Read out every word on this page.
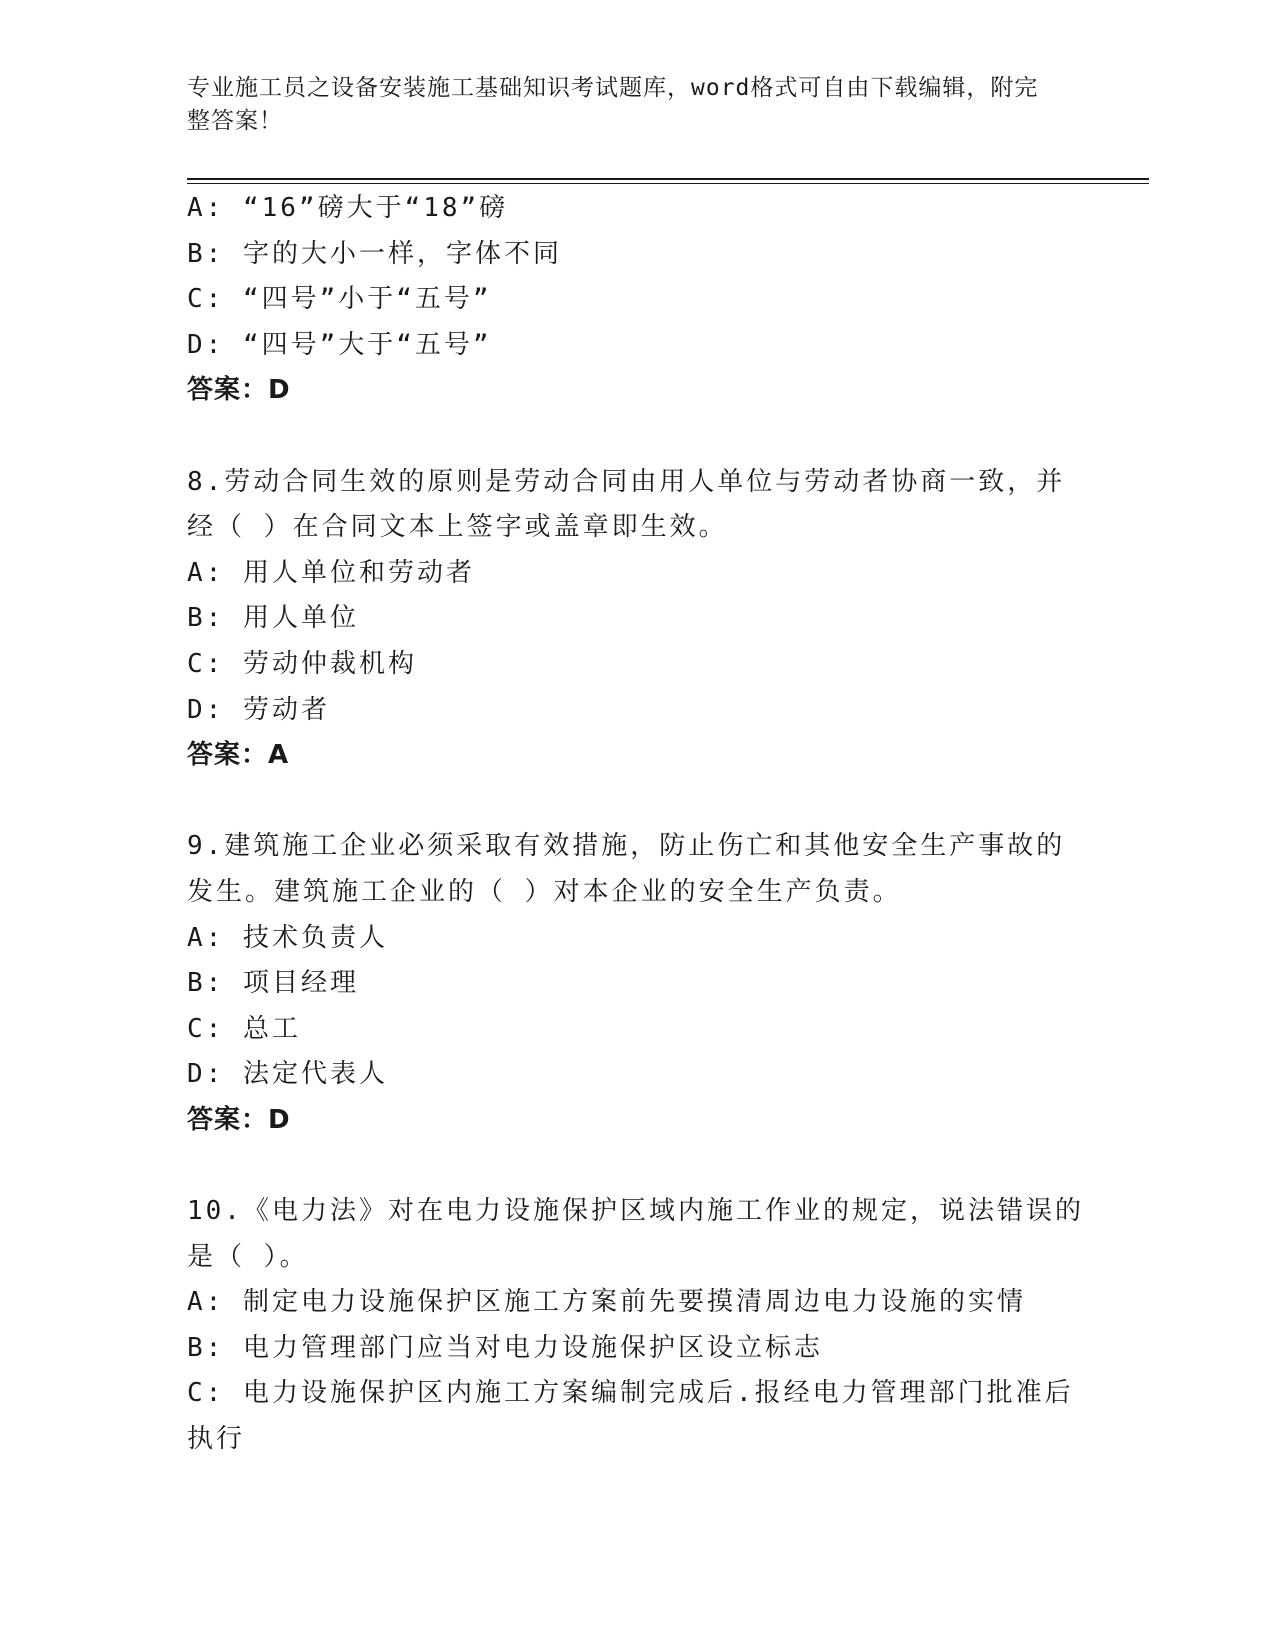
专业施工员之设备安装施工基础知识考试题库，word格式可自由下载编辑，附完
整答案！
A: “16”磅大于“18”磅
B: 字的大小一样，字体不同
C: “四号”小于“五号”
D: “四号”大于“五号”
答案：D
8.劳动合同生效的原则是劳动合同由用人单位与劳动者协商一致，并
经（ ）在合同文本上签字或盖章即生效。
A: 用人单位和劳动者
B: 用人单位
C: 劳动仲裁机构
D: 劳动者
答案：A
9.建筑施工企业必须采取有效措施，防止伤亡和其他安全生产事故的
发生。建筑施工企业的（ ）对本企业的安全生产负责。
A: 技术负责人
B: 项目经理
C: 总工
D: 法定代表人
答案：D
10.《电力法》对在电力设施保护区域内施工作业的规定，说法错误的
是（ ）。
A: 制定电力设施保护区施工方案前先要摸清周边电力设施的实情
B: 电力管理部门应当对电力设施保护区设立标志
C: 电力设施保护区内施工方案编制完成后.报经电力管理部门批准后
执行
